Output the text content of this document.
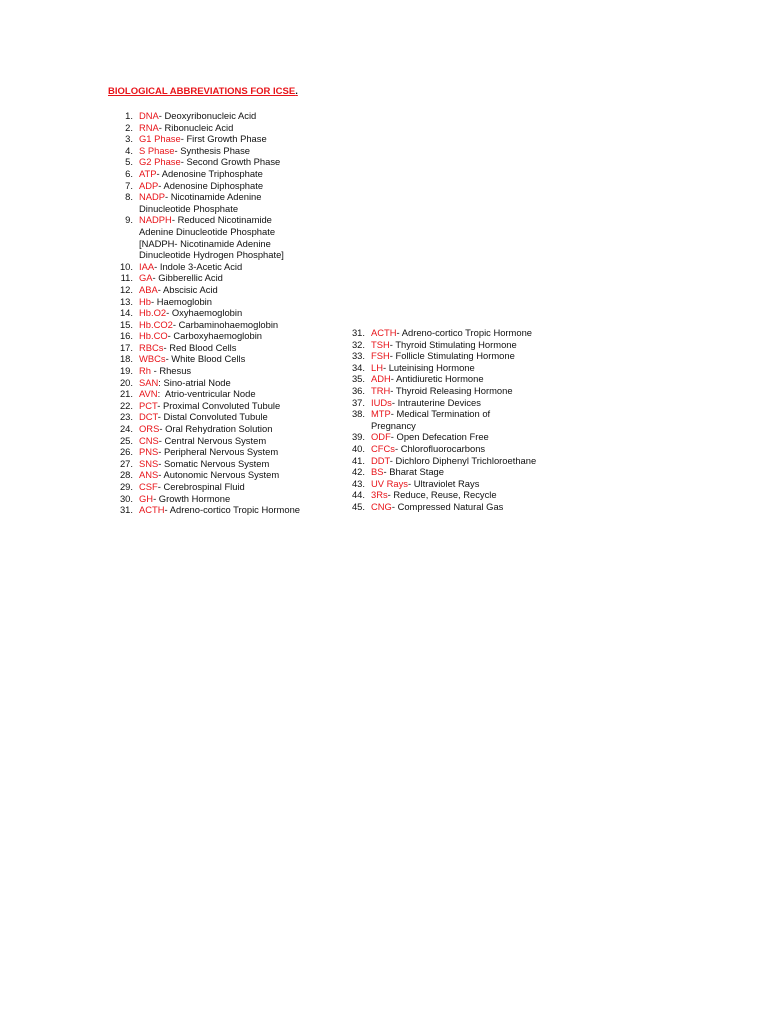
BIOLOGICAL ABBREVIATIONS FOR ICSE.
1. DNA- Deoxyribonucleic Acid
2. RNA- Ribonucleic Acid
3. G1 Phase- First Growth Phase
4. S Phase- Synthesis Phase
5. G2 Phase- Second Growth Phase
6. ATP- Adenosine Triphosphate
7. ADP- Adenosine Diphosphate
8. NADP- Nicotinamide Adenine
Dinucleotide Phosphate
9. NADPH- Reduced Nicotinamide
Adenine Dinucleotide Phosphate
[NADPH- Nicotinamide Adenine
Dinucleotide Hydrogen Phosphate]
10. IAA- Indole 3-Acetic Acid
11. GA- Gibberellic Acid
12. ABA- Abscisic Acid
13. Hb- Haemoglobin
14. Hb.O2- Oxyhaemoglobin
15. Hb.CO2- Carbaminohaemoglobin
16. Hb.CO- Carboxyhaemoglobin
17. RBCs- Red Blood Cells
18. WBCs- White Blood Cells
19. Rh - Rhesus
20. SAN: Sino-atrial Node
21. AVN:  Atrio-ventricular Node
22. PCT- Proximal Convoluted Tubule
23. DCT- Distal Convoluted Tubule
24. ORS- Oral Rehydration Solution
25. CNS- Central Nervous System
26. PNS- Peripheral Nervous System
27. SNS- Somatic Nervous System
28. ANS- Autonomic Nervous System
29. CSF- Cerebrospinal Fluid
30. GH- Growth Hormone
31. ACTH- Adreno-cortico Tropic Hormone
31. ACTH- Adreno-cortico Tropic Hormone
32. TSH- Thyroid Stimulating Hormone
33. FSH- Follicle Stimulating Hormone
34. LH- Luteinising Hormone
35. ADH- Antidiuretic Hormone
36. TRH- Thyroid Releasing Hormone
37. IUDs- Intrauterine Devices
38. MTP- Medical Termination of
Pregnancy
39. ODF- Open Defecation Free
40. CFCs- Chlorofluorocarbons
41. DDT- Dichloro Diphenyl Trichloroethane
42. BS- Bharat Stage
43. UV Rays- Ultraviolet Rays
44. 3Rs- Reduce, Reuse, Recycle
45. CNG- Compressed Natural Gas
